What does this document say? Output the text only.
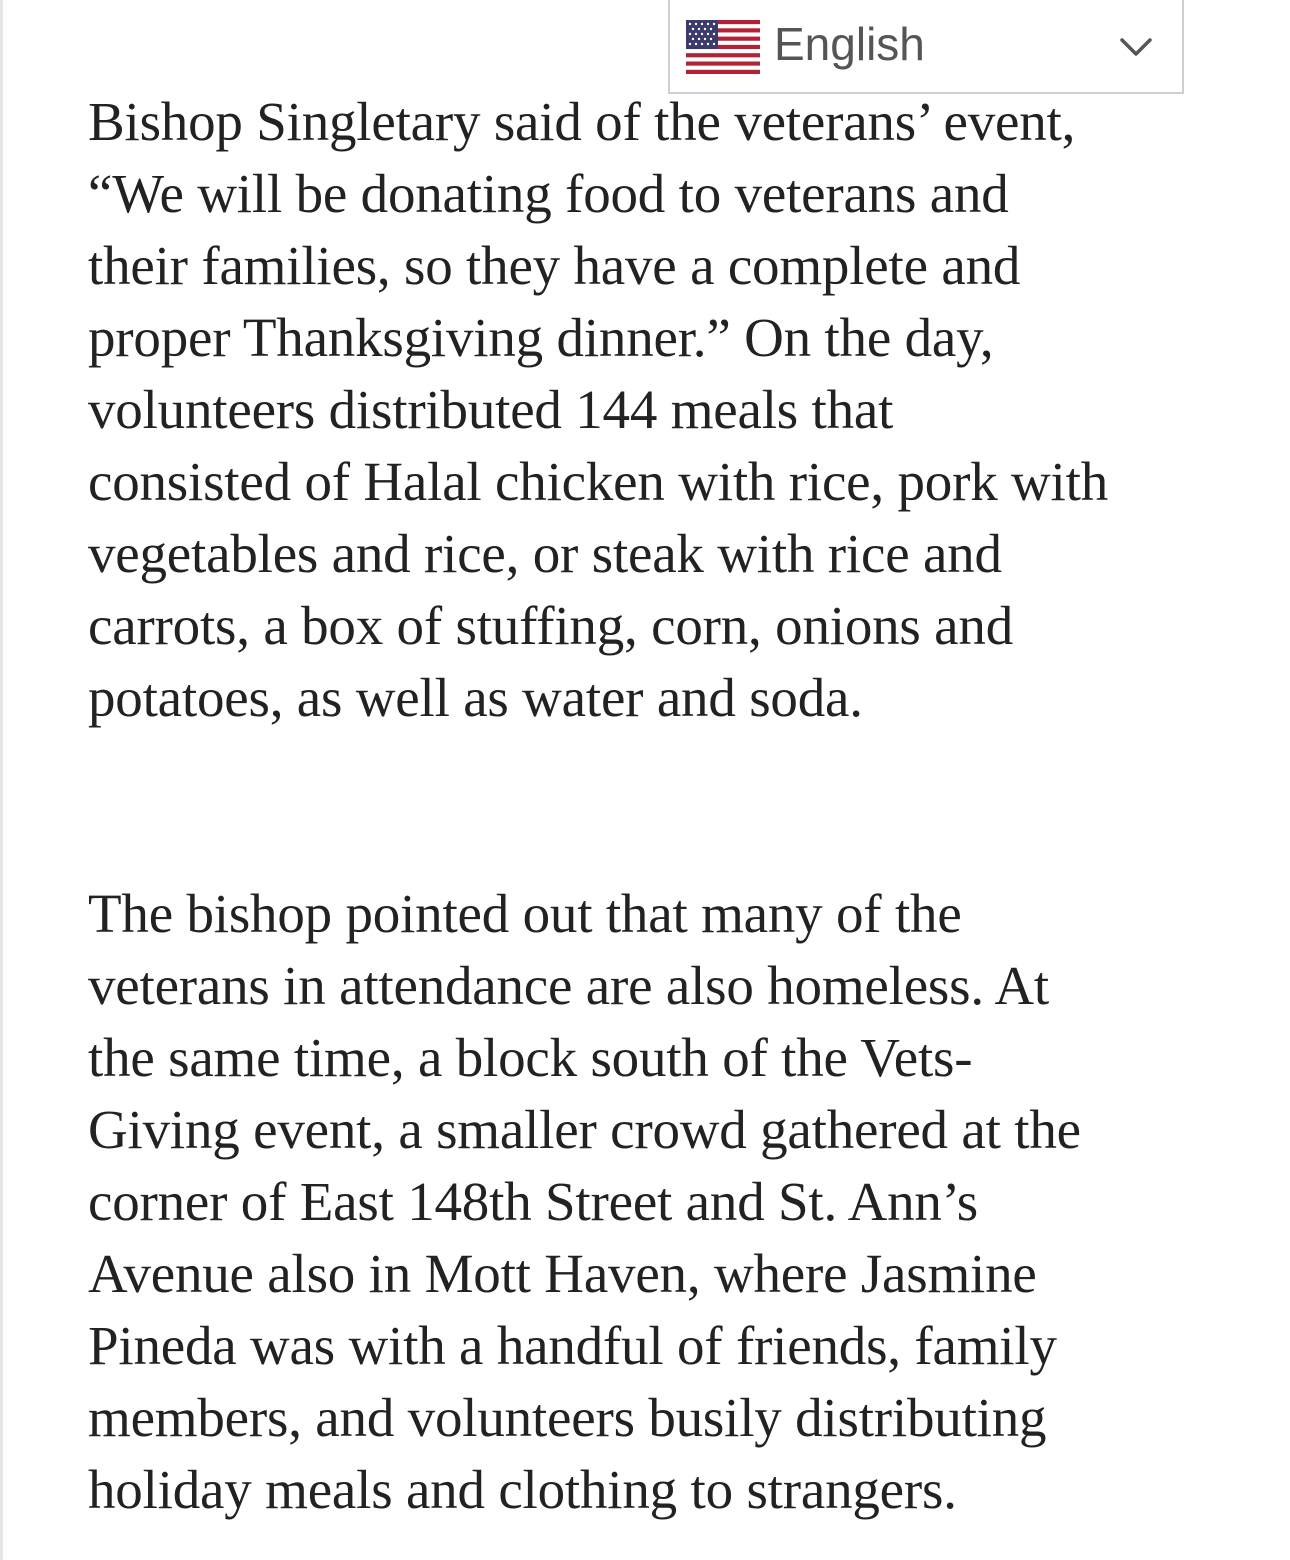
English

Bishop Singletary said of the veterans’ event,
“We will be donating food to veterans and
their families, so they have a complete and
proper Thanksgiving dinner.” On the day,
volunteers distributed 144 meals that
consisted of Halal chicken with rice, pork with
vegetables and rice, or steak with rice and
carrots, a box of stuffing, corn, onions and
potatoes, as well as water and soda.

The bishop pointed out that many of the
veterans in attendance are also homeless. At
the same time, a block south of the Vets-
Giving event, a smaller crowd gathered at the
corner of East 148th Street and St. Ann’s
Avenue also in Mott Haven, where Jasmine
Pineda was with a handful of friends, family
members, and volunteers busily distributing
holiday meals and clothing to strangers.
